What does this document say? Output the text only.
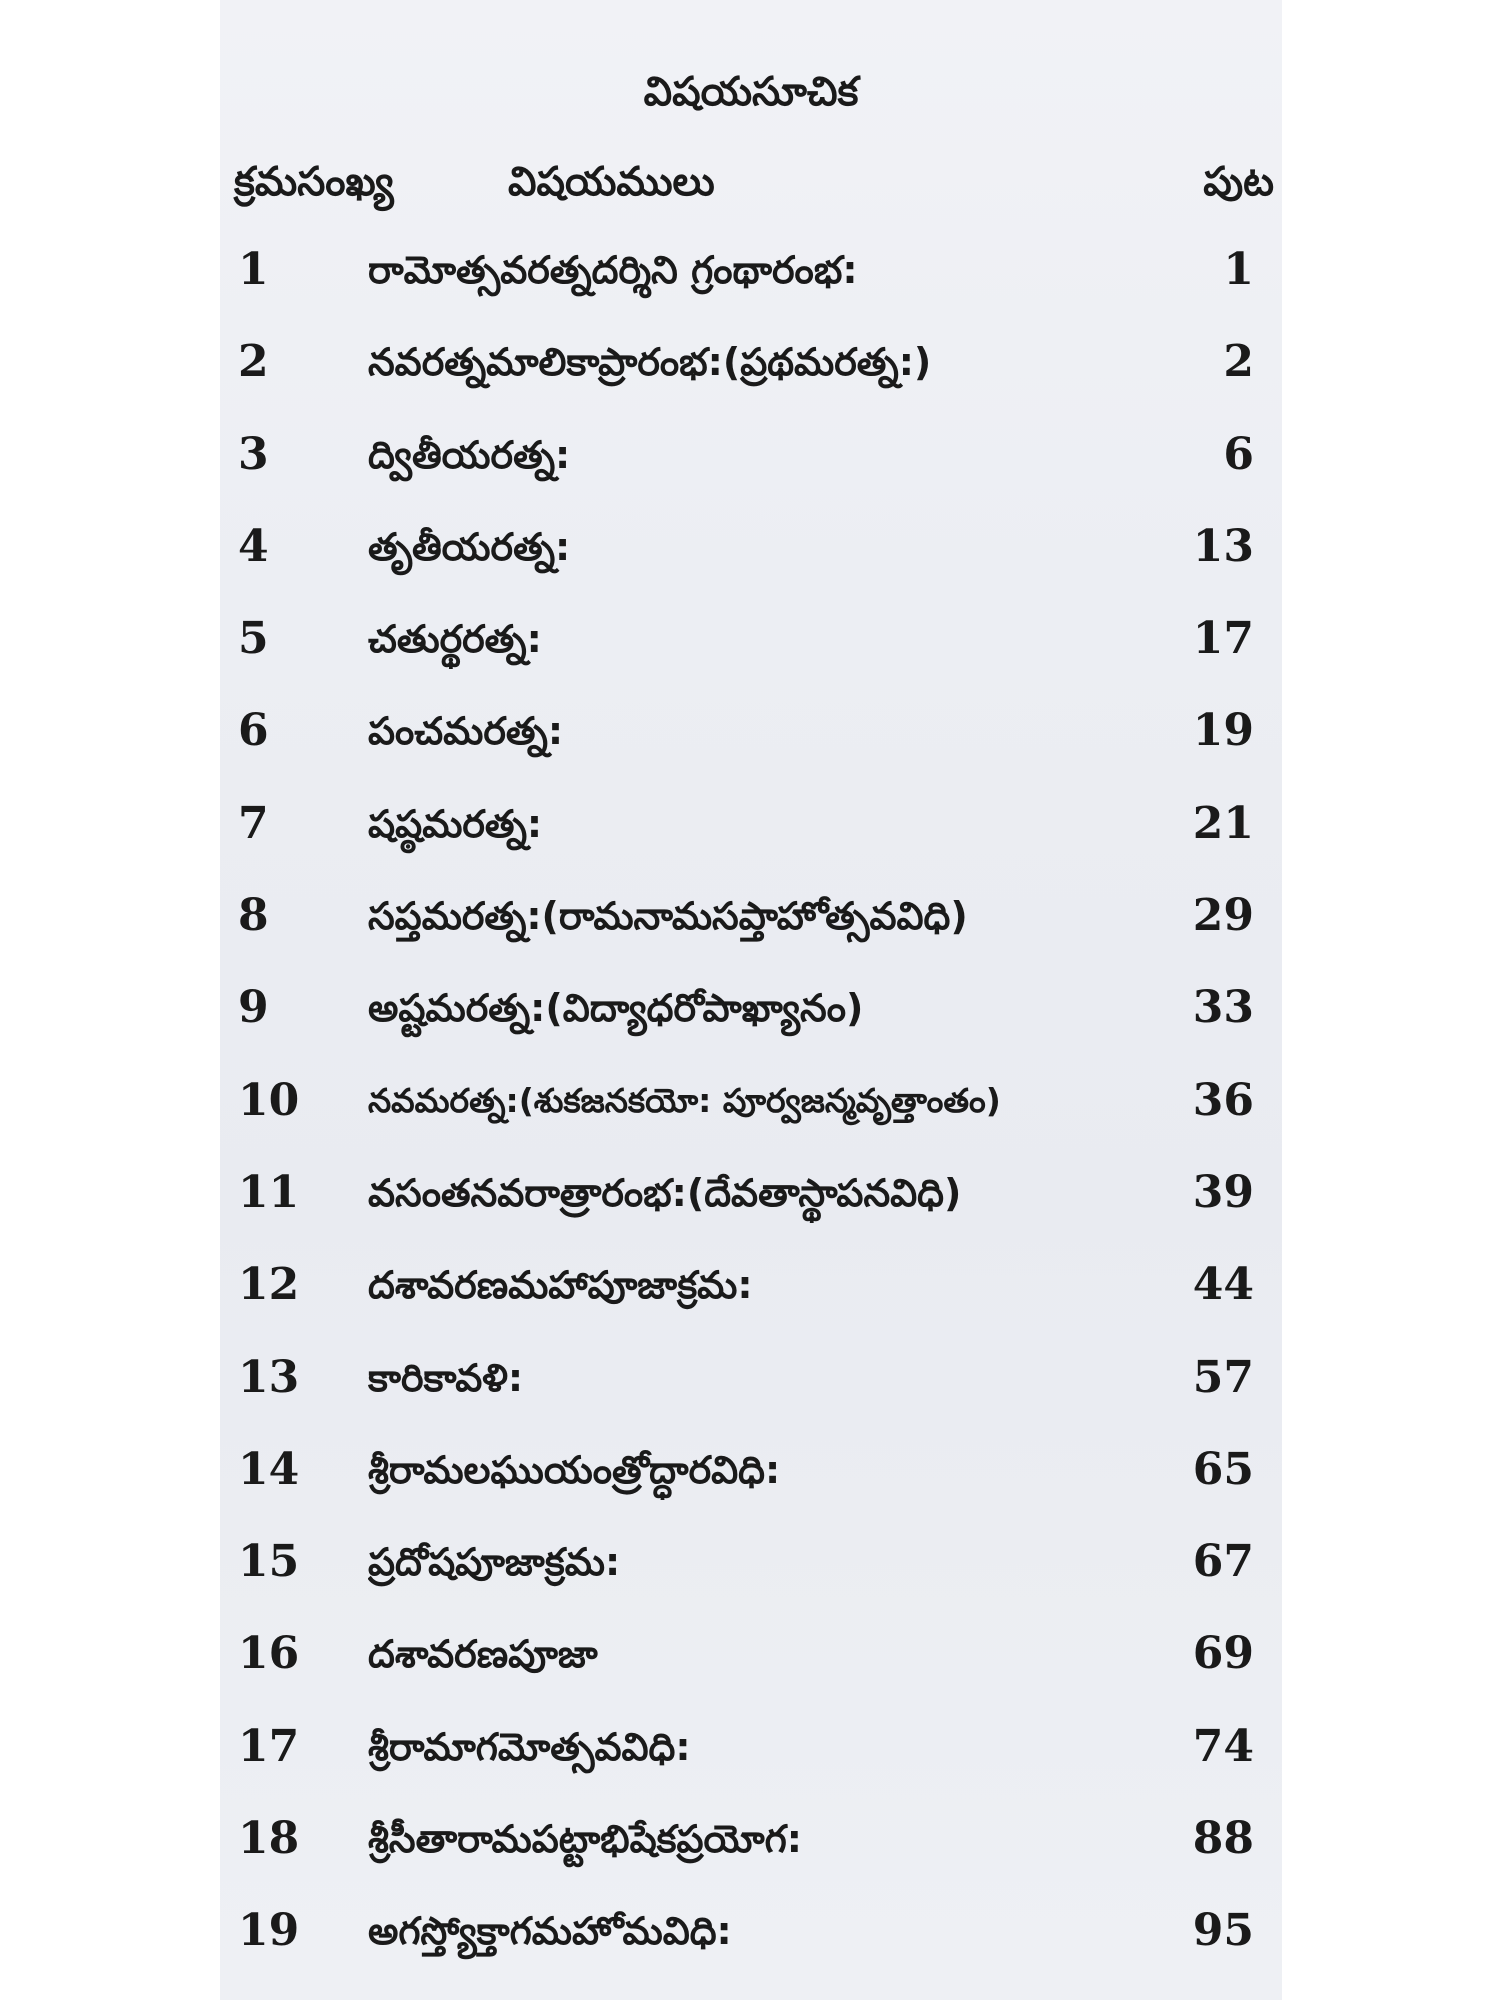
విషయసూచిక
క్రమసంఖ్య	విషయములు	పుట
1	రామోత్సవరత్నదర్శిని గ్రంథారంభ:	1
2	నవరత్నమాలికాప్రారంభ:(ప్రథమరత్న:)	2
3	ద్వితీయరత్న:	6
4	తృతీయరత్న:	13
5	చతుర్థరత్న:	17
6	పంచమరత్న:	19
7	షష్ఠమరత్న:	21
8	సప్తమరత్న:(రామనామసప్తాహోత్సవవిధి)	29
9	అష్టమరత్న:(విద్యాధరోపాఖ్యానం)	33
10 నవమరత్న:(శుకజనకయో: పూర్వజన్మవృత్తాంతం)	36
11 వసంతనవరాత్రారంభ:(దేవతాస్థాపనవిధి)	39
12 దశావరణమహాపూజాక్రమ:	44
13 కారికావళి:	57
14 శ్రీరామలఘుయంత్రోద్ధారవిధి:	65
15 ప్రదోషపూజాక్రమ:	67
16 దశావరణపూజా	69
17 శ్రీరామాగమోత్సవవిధి:	74
18 శ్రీసీతారామపట్టాభిషేకప్రయోగ:	88
19 అగస్త్యోక్తాగమహోమవిధి:	95
